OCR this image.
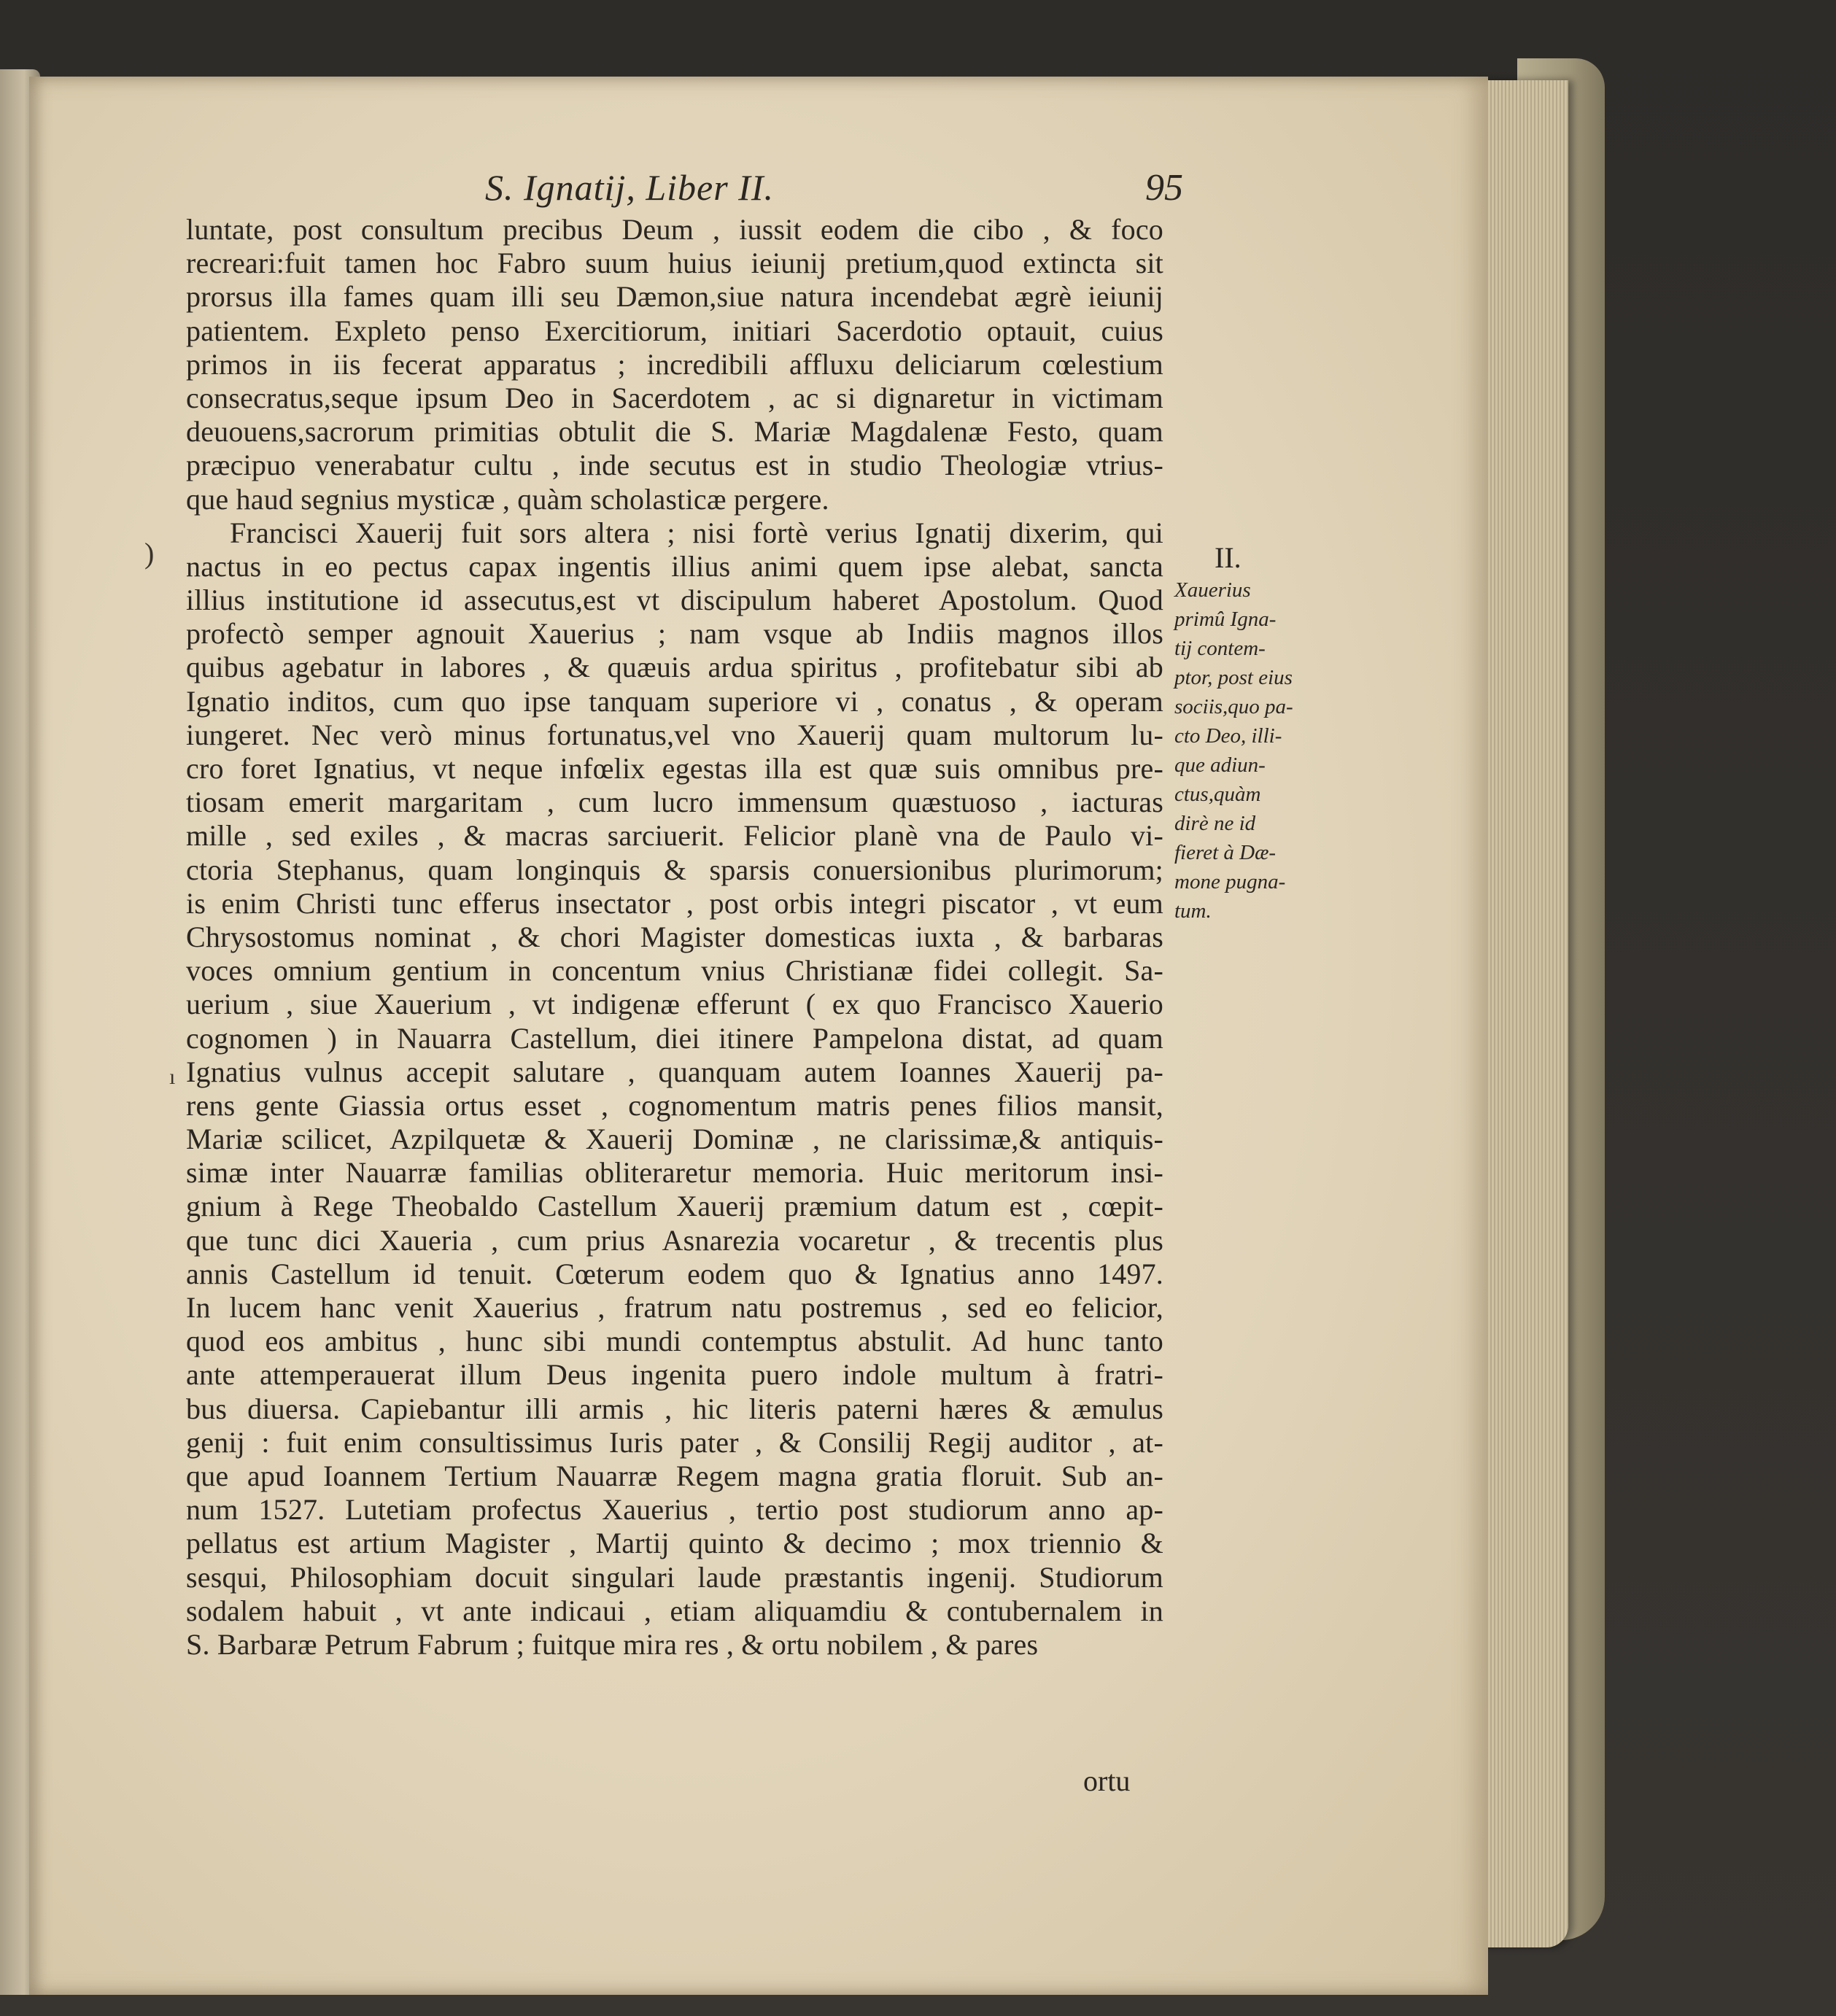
S. Ignatij, Liber II.	95
luntate, post consultum precibus Deum , iussit eodem die cibo , & foco
recreari:fuit tamen hoc Fabro suum huius ieiunij pretium,quod extincta sit
prorsus illa fames quam illi seu Dæmon,siue natura incendebat ægrè ieiunij
patientem. Expleto penso Exercitiorum, initiari Sacerdotio optauit, cuius
primos in iis fecerat apparatus ; incredibili affluxu deliciarum cœlestium
consecratus,seque ipsum Deo in Sacerdotem , ac si dignaretur in victimam
deuouens,sacrorum primitias obtulit die S. Mariæ Magdalenæ Festo, quam
præcipuo venerabatur cultu , inde secutus est in studio Theologiæ vtrius-
que haud segnius mysticæ , quàm scholasticæ pergere.
Francisci Xauerij fuit sors altera ; nisi fortè verius Ignatij dixerim, qui
nactus in eo pectus capax ingentis illius animi quem ipse alebat, sancta
illius institutione id assecutus,est vt discipulum haberet Apostolum. Quod
profectò semper agnouit Xauerius ; nam vsque ab Indiis magnos illos
quibus agebatur in labores , & quæuis ardua spiritus , profitebatur sibi ab
Ignatio inditos, cum quo ipse tanquam superiore vi , conatus , & operam
iungeret. Nec verò minus fortunatus,vel vno Xauerij quam multorum lu-
cro foret Ignatius, vt neque infœlix egestas illa est quæ suis omnibus pre-
tiosam emerit margaritam , cum lucro immensum quæstuoso , iacturas
mille , sed exiles , & macras sarciuerit. Felicior planè vna de Paulo vi-
ctoria Stephanus, quam longinquis & sparsis conuersionibus plurimorum;
is enim Christi tunc efferus insectator , post orbis integri piscator , vt eum
Chrysostomus nominat , & chori Magister domesticas iuxta , & barbaras
voces omnium gentium in concentum vnius Christianæ fidei collegit. Sa-
uerium , siue Xauerium , vt indigenæ efferunt ( ex quo Francisco Xauerio
cognomen ) in Nauarra Castellum, diei itinere Pampelona distat, ad quam
Ignatius vulnus accepit salutare , quanquam autem Ioannes Xauerij pa-
rens gente Giassia ortus esset , cognomentum matris penes filios mansit,
Mariæ scilicet, Azpilquetæ & Xauerij Dominæ , ne clarissimæ,& antiquis-
simæ inter Nauarræ familias obliteraretur memoria. Huic meritorum insi-
gnium à Rege Theobaldo Castellum Xauerij præmium datum est , cœpit-
que tunc dici Xaueria , cum prius Asnarezia vocaretur , & trecentis plus
annis Castellum id tenuit. Cœterum eodem quo & Ignatius anno 1497.
In lucem hanc venit Xauerius , fratrum natu postremus , sed eo felicior,
quod eos ambitus , hunc sibi mundi contemptus abstulit. Ad hunc tanto
ante attemperauerat illum Deus ingenita puero indole multum à fratri-
bus diuersa. Capiebantur illi armis , hic literis paterni hæres & æmulus
genij : fuit enim consultissimus Iuris pater , & Consilij Regij auditor , at-
que apud Ioannem Tertium Nauarræ Regem magna gratia floruit. Sub an-
num 1527. Lutetiam profectus Xauerius , tertio post studiorum anno ap-
pellatus est artium Magister , Martij quinto & decimo ; mox triennio &
sesqui, Philosophiam docuit singulari laude præstantis ingenij. Studiorum
sodalem habuit , vt ante indicaui , etiam aliquamdiu & contubernalem in
S. Barbaræ Petrum Fabrum ; fuitque mira res , & ortu nobilem , & pares
ortu
II.
Xauerius
primû Igna-
tij contem-
ptor, post eius
sociis,quo pa-
cto Deo, illi-
que adiun-
ctus,quàm
dirè ne id
fieret à Dæ-
mone pugna-
tum.
)
ı
